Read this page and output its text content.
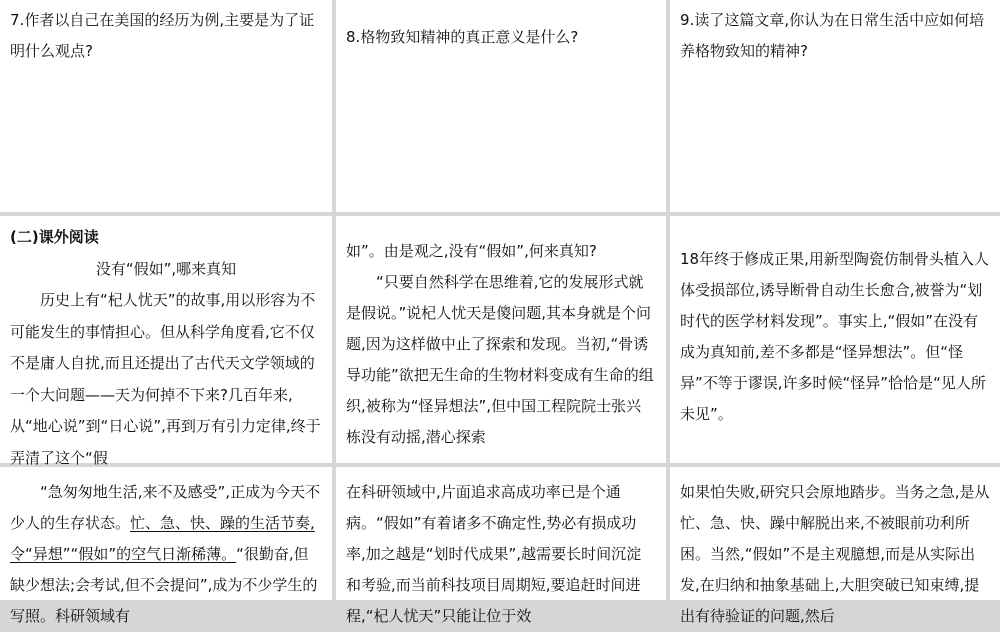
7.作者以自己在美国的经历为例,主要是为了证明什么观点?

8.格物致知精神的真正意义是什么?

9.读了这篇文章,你认为在日常生活中应如何培养格物致知的精神?

(二)课外阅读
没有“假如”,哪来真知

历史上有“杞人忧天”的故事,用以形容为不可能发生的事情担心。但从科学角度看,它不仅不是庸人自扰,而且还提出了古代天文学领域的一个大问题——天为何掉不下来?几百年来,从“地心说”到“日心说”,再到万有引力定律,终于弄清了这个“假

如”。由是观之,没有“假如”,何来真知?

“只要自然科学在思维着,它的发展形式就是假说。”说杞人忧天是傻问题,其本身就是个问题,因为这样做中止了探索和发现。当初,“骨诱导功能”欲把无生命的生物材料变成有生命的组织,被称为“怪异想法”,但中国工程院院士张兴栋没有动摇,潜心探索

18年终于修成正果,用新型陶瓷仿制骨头植入人体受损部位,诱导断骨自动生长愈合,被誉为“划时代的医学材料发现”。事实上,“假如”在没有成为真知前,差不多都是“怪异想法”。但“怪异”不等于谬误,许多时候“怪异”恰恰是“见人所未见”。

“急匆匆地生活,来不及感受”,正成为今天不少人的生存状态。忙、急、快、躁的生活节奏,令“异想”“假如”的空气日渐稀薄。“很勤奋,但缺少想法;会考试,但不会提问”,成为不少学生的写照。科研领域有

在科研领域中,片面追求高成功率已是个通病。“假如”有着诸多不确定性,势必有损成功率,加之越是“划时代成果”,越需要长时间沉淀和考验,而当前科技项目周期短,要追赶时间进程,“杞人忧天”只能让位于效

如果怕失败,研究只会原地踏步。当务之急,是从忙、急、快、躁中解脱出来,不被眼前功利所困。当然,“假如”不是主观臆想,而是从实际出发,在归纳和抽象基础上,大胆突破已知束缚,提出有待验证的问题,然后
